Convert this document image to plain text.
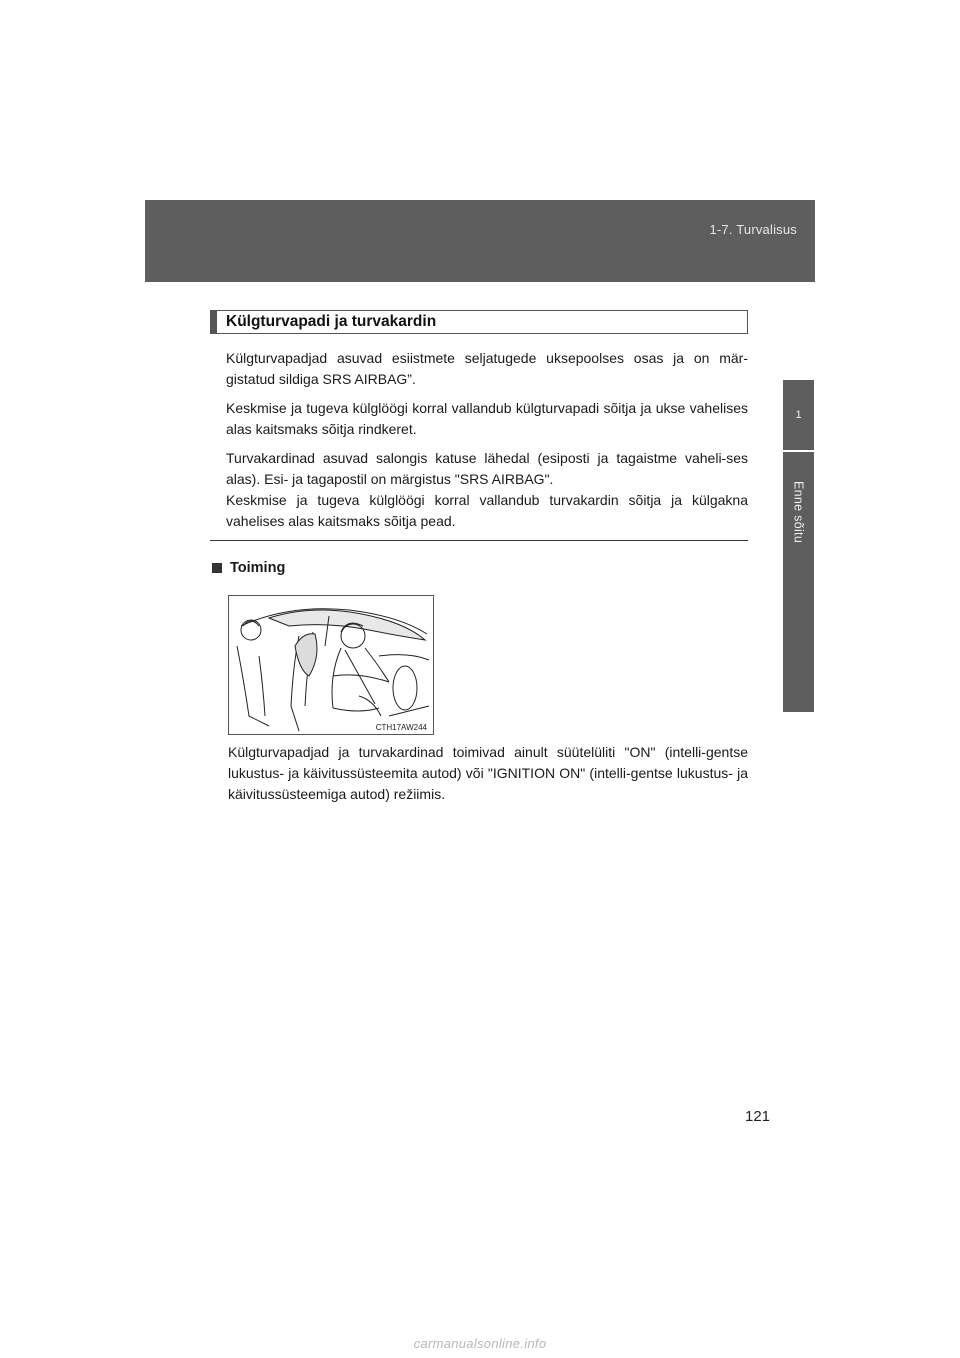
1-7. Turvalisus
1
Enne sõitu
Külgturvapadi ja turvakardin
Külgturvapadjad asuvad esiistmete seljatugede uksepoolses osas ja on mär-gistatud sildiga SRS AIRBAG”.
Keskmise ja tugeva külglöögi korral vallandub külgturvapadi sõitja ja ukse vahelises alas kaitsmaks sõitja rindkeret.
Turvakardinad asuvad salongis katuse lähedal (esiposti ja tagaistme vaheli-ses alas). Esi- ja tagapostil on märgistus "SRS AIRBAG".
Keskmise ja tugeva külglöögi korral vallandub turvakardin sõitja ja külgakna vahelises alas kaitsmaks sõitja pead.
Toiming
CTH17AW244
Külgturvapadjad ja turvakardinad toimivad ainult süütelüliti "ON" (intelli-gentse lukustus- ja käivitussüsteemita autod) või "IGNITION ON" (intelli-gentse lukustus- ja käivitussüsteemiga autod) režiimis.
121
carmanualsonline.info
